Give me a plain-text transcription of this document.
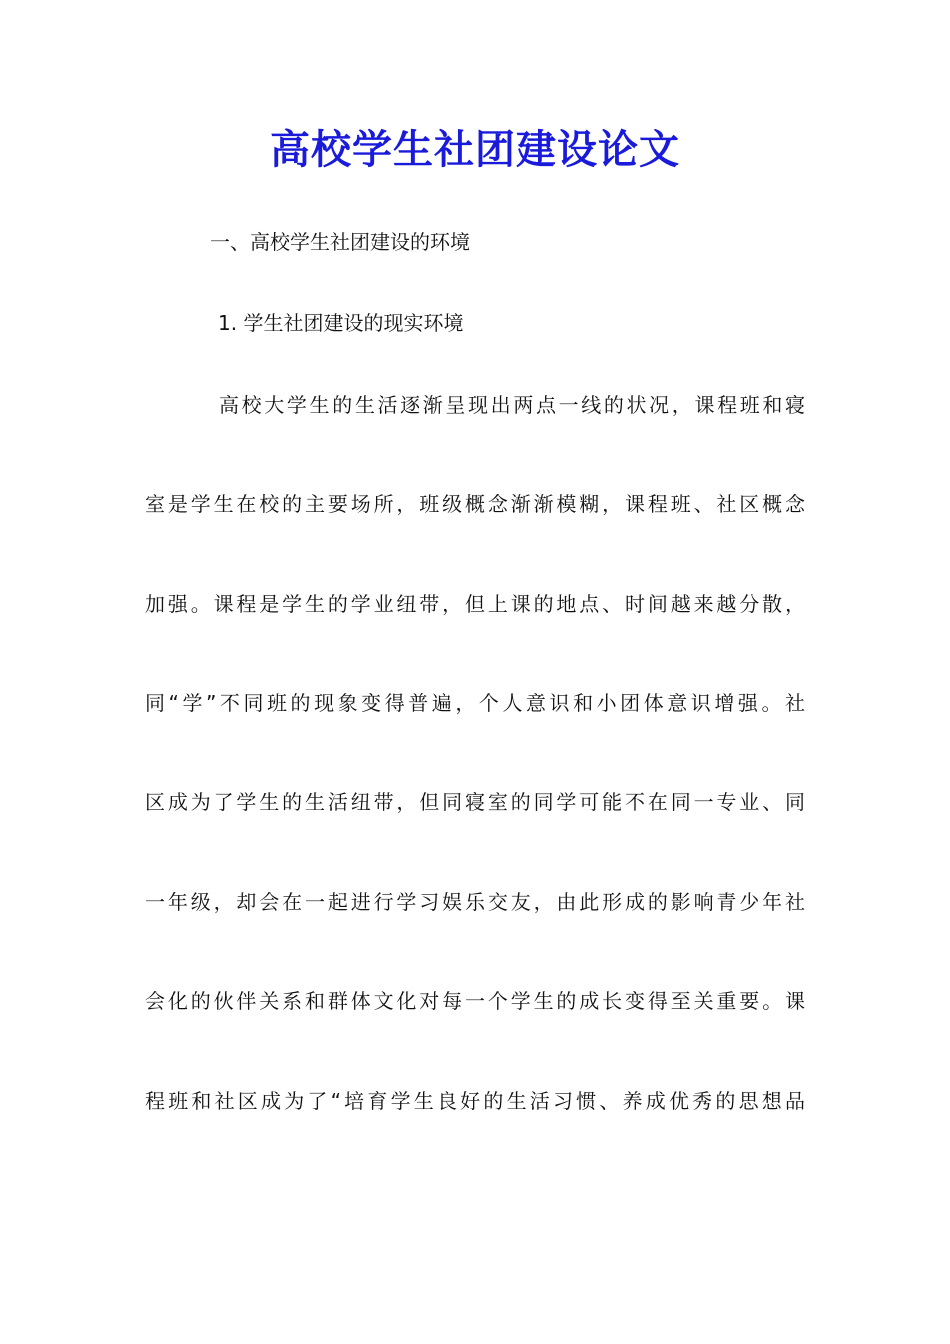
高校学生社团建设论文
一、高校学生社团建设的环境
1. 学生社团建设的现实环境
高校大学生的生活逐渐呈现出两点一线的状况，课程班和寝
室是学生在校的主要场所，班级概念渐渐模糊，课程班、社区概念
加强。课程是学生的学业纽带，但上课的地点、时间越来越分散，
同“学”不同班的现象变得普遍，个人意识和小团体意识增强。社
区成为了学生的生活纽带，但同寝室的同学可能不在同一专业、同
一年级，却会在一起进行学习娱乐交友，由此形成的影响青少年社
会化的伙伴关系和群体文化对每一个学生的成长变得至关重要。课
程班和社区成为了“培育学生良好的生活习惯、养成优秀的思想品
